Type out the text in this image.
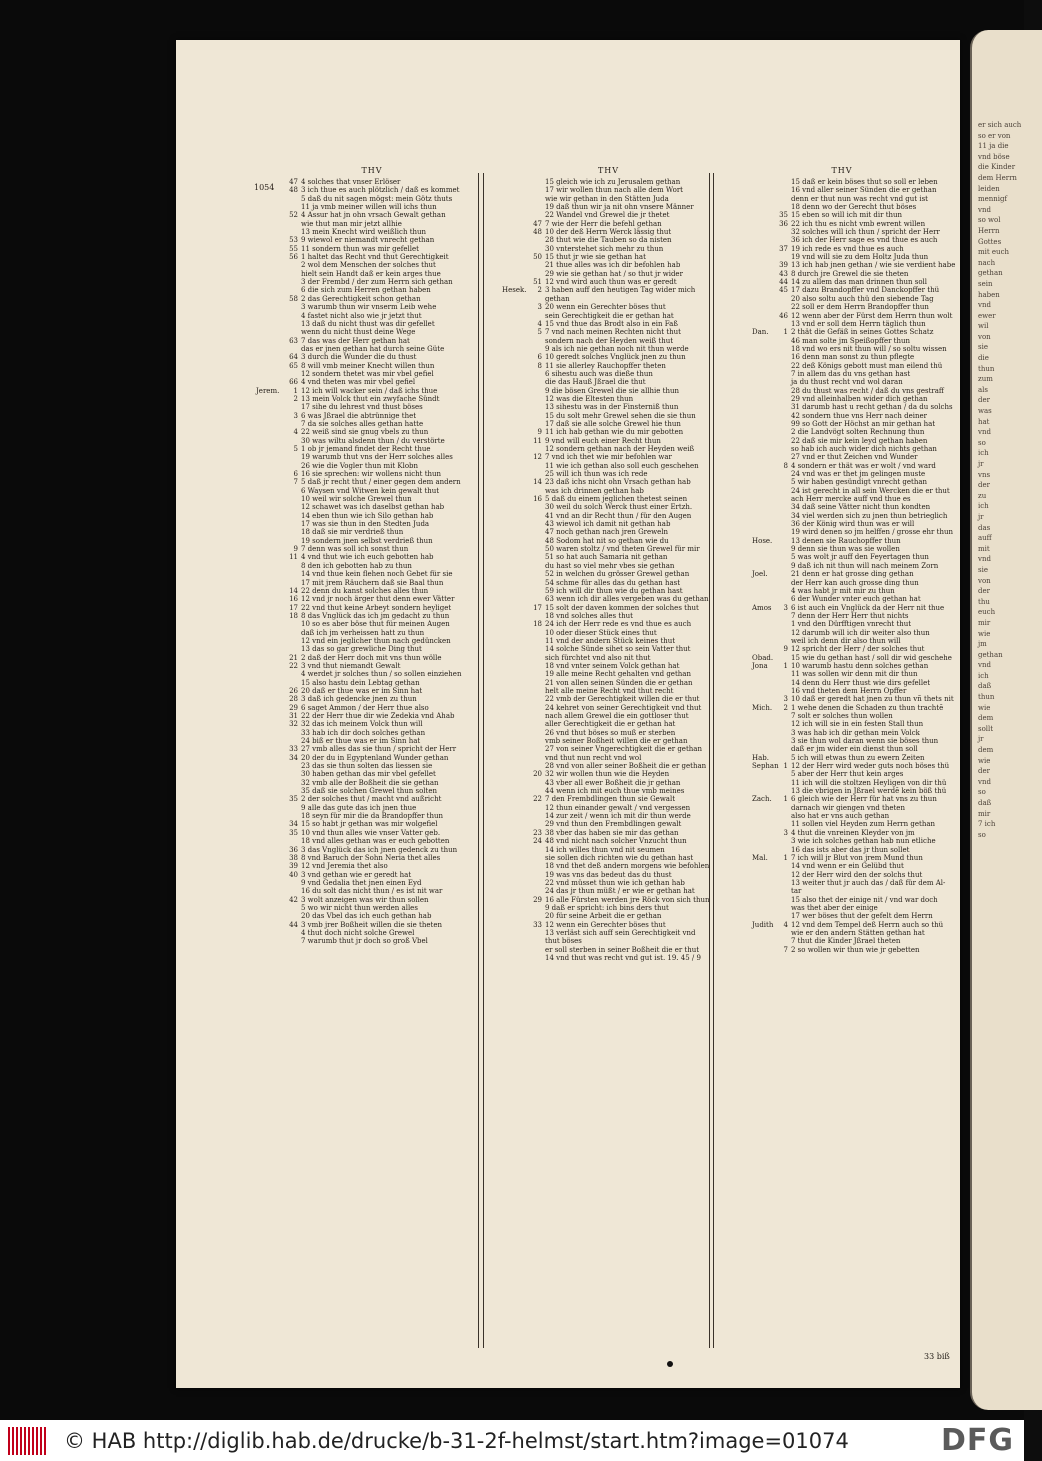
er sich auch
so er von
11 ja die
vnd böse
die Kinder
dem Herrn
leiden
mennigf
vnd
so wol
Herrn
Gottes
mit euch
nach
gethan
sein
haben
vnd
ewer
wil
von
sie
die
thun
zum
als
der
was
hat
vnd
so
ich
jr
vns
der
zu
ich
jr
das
auff
mit
vnd
sie
von
der
thu
euch
mir
wie
jm
gethan
vnd
ich
daß
thun
wie
dem
sollt
jr
dem
wie
der
vnd
so
daß
mir
7 ich
so
1054
THV
47 4 solches that vnser Erlöser
48 3 ich thue es auch plötzlich / daß es kommet
5 daß du nit sagen mögst: mein Götz thuts
11 ja vmb meiner willen will ichs thun
52 4 Assur hat jn ohn vrsach Gewalt gethan
wie thut man mir jetzt allhie
13 mein Knecht wird weißlich thun
53 9 wiewol er niemandt vnrecht gethan
55 11 sondern thun was mir gefellet
56 1 haltet das Recht vnd thut Gerechtigkeit
2 wol dem Menschen der solches thut
hielt sein Handt daß er kein arges thue
3 der Frembd / der zum Herrn sich gethan
6 die sich zum Herren gethan haben
58 2 das Gerechtigkeit schon gethan
3 warumb thun wir vnserm Leib wehe
4 fastet nicht also wie jr jetzt thut
13 daß du nicht thust was dir gefellet
wenn du nicht thust deine Wege
63 7 das was der Herr gethan hat
das er jnen gethan hat durch seine Güte
64 3 durch die Wunder die du thust
65 8 will vmb meiner Knecht willen thun
12 sondern thetet was mir vbel gefiel
66 4 vnd theten was mir vbel gefiel
Jerem.	1 12 ich will wacker sein / daß ichs thue
2 13 mein Volck thut ein zwyfache Sündt
17 sihe du lehrest vnd thust böses
3 6 was Jßrael die abtrünnige thet
7 da sie solches alles gethan hatte
4 22 weiß sind sie gnug vbels zu thun
30 was wiltu alsdenn thun / du verstörte
5 1 ob jr jemand findet der Recht thue
19 warumb thut vns der Herr solches alles
26 wie die Vogler thun mit Klobn
6 16 sie sprechen: wir wollens nicht thun
7 5 daß jr recht thut / einer gegen dem andern
6 Waysen vnd Witwen kein gewalt thut
10 weil wir solche Grewel thun
12 schawet was ich daselbst gethan hab
14 eben thun wie ich Silo gethan hab
17 was sie thun in den Stedten Juda
18 daß sie mir verdrieß thun
19 sondern jnen selbst verdrieß thun
9 7 denn was soll ich sonst thun
11 4 vnd thut wie ich euch gebotten hab
8 den ich gebotten hab zu thun
14 vnd thue kein flehen noch Gebet für sie
17 mit jrem Räuchern daß sie Baal thun
14 22 denn du kanst solches alles thun
16 12 vnd jr noch ärger thut denn ewer Vätter
17 22 vnd thut keine Arbeyt sondern heyliget
18 8 das Vnglück das ich jm gedacht zu thun
10 so es aber böse thut für meinen Augen
daß ich jm verheissen hatt zu thun
12 vnd ein jeglicher thun nach gedüncken
13 das so gar grewliche Ding thut
21 2 daß der Herr doch mit vns thun wölle
22 3 vnd thut niemandt Gewalt
4 werdet jr solches thun / so sollen einziehen
15 also hastu dein Lebtag gethan
26 20 daß er thue was er im Sinn hat
28 3 daß ich gedencke jnen zu thun
29 6 saget Ammon / der Herr thue also
31 22 der Herr thue dir wie Zedekia vnd Ahab
32 32 das ich meinem Volck thun will
33 hab ich dir doch solches gethan
24 biß er thue was er im Sinn hat
33 27 vmb alles das sie thun / spricht der Herr
34 20 der du in Egyptenland Wunder gethan
23 das sie thun solten das liessen sie
30 haben gethan das mir vbel gefellet
32 vmb alle der Boßheit die sie gethan
35 daß sie solchen Grewel thun solten
35 2 der solches thut / macht vnd außricht
9 alle das gute das ich jnen thue
18 seyn für mir die da Brandopffer thun
34 15 so habt jr gethan was mir wolgefiel
35 10 vnd thun alles wie vnser Vatter geb.
18 vnd alles gethan was er euch gebotten
36 3 das Vnglück das ich jnen gedenck zu thun
38 8 vnd Baruch der Sohn Neria thet alles
39 12 vnd Jeremia thet also
40 3 vnd gethan wie er geredt hat
9 vnd Gedalia thet jnen einen Eyd
16 du solt das nicht thun / es ist nit war
42 3 wolt anzeigen was wir thun sollen
5 wo wir nicht thun werden alles
20 das Vbel das ich euch gethan hab
44 3 vmb jrer Boßheit willen die sie theten
4 thut doch nicht solche Grewel
7 warumb thut jr doch so groß Vbel
THV
15 gleich wie ich zu Jerusalem gethan
17 wir wollen thun nach alle dem Wort
wie wir gethan in den Stätten Juda
19 daß thun wir ja nit ohn vnsere Männer
22 Wandel vnd Grewel die jr thetet
47 7 wie der Herr die befehl gethan
48 10 der deß Herrn Werck lässig thut
28 thut wie die Tauben so da nisten
30 vnterstehet sich mehr zu thun
50 15 thut jr wie sie gethan hat
21 thue alles was ich dir befohlen hab
29 wie sie gethan hat / so thut jr wider
51 12 vnd wird auch thun was er geredt
Hesek.	2 3 haben auff den heutigen Tag wider mich
gethan
3 20 wenn ein Gerechter böses thut
sein Gerechtigkeit die er gethan hat
4 15 vnd thue das Brodt also in ein Faß
5 7 vnd nach meinen Rechten nicht thut
sondern nach der Heyden weiß thut
9 als ich nie gethan noch nit thun werde
6 10 geredt solches Vnglück jnen zu thun
8 11 sie allerley Rauchopffer theten
6 sihestu auch was dieße thun
die das Hauß Jßrael die thut
9 die bösen Grewel die sie allhie thun
12 was die Eltesten thun
13 sihestu was in der Finsterniß thun
15 du solt mehr Grewel sehen die sie thun
17 daß sie alle solche Grewel hie thun
9 11 ich hab gethan wie du mir gebotten
11 9 vnd will euch einer Recht thun
12 sondern gethan nach der Heyden weiß
12 7 vnd ich thet wie mir befohlen war
11 wie ich gethan also soll euch geschehen
25 will ich thun was ich rede
14 23 daß ichs nicht ohn Vrsach gethan hab
was ich drinnen gethan hab
16 5 daß du einem jeglichen thetest seinen
30 weil du solch Werck thust einer Ertzh.
41 vnd an dir Recht thun / für den Augen
43 wiewol ich damit nit gethan hab
47 noch gethan nach jren Greweln
48 Sodom hat nit so gethan wie du
50 waren stoltz / vnd theten Grewel für mir
51 so hat auch Samaria nit gethan
du hast so viel mehr vbes sie gethan
52 in welchen du grösser Grewel gethan
54 schme für alles das du gethan hast
59 ich will dir thun wie du gethan hast
63 wenn ich dir alles vergeben was du gethan
17 15 solt der daven kommen der solches thut
18 vnd solches alles thut
18 24 ich der Herr rede es vnd thue es auch
10 oder dieser Stück eines thut
11 vnd der andern Stück keines thut
14 solche Sünde sihet so sein Vatter thut
sich fürchtet vnd also nit thut
18 vnd vnter seinem Volck gethan hat
19 alle meine Recht gehalten vnd gethan
21 von allen seinen Sünden die er gethan
helt alle meine Recht vnd thut recht
22 vmb der Gerechtigkeit willen die er thut
24 kehret von seiner Gerechtigkeit vnd thut
nach allem Grewel die ein gottloser thut
aller Gerechtigkeit die er gethan hat
26 vnd thut böses so muß er sterben
vmb seiner Boßheit willen die er gethan
27 von seiner Vngerechtigkeit die er gethan
vnd thut nun recht vnd wol
28 vnd von aller seiner Boßheit die er gethan
20 32 wir wollen thun wie die Heyden
43 vber all ewer Boßheit die jr gethan
44 wenn ich mit euch thue vmb meines
22 7 den Frembdlingen thun sie Gewalt
12 thun einander gewalt / vnd vergessen
14 zur zeit / wenn ich mit dir thun werde
29 vnd thun den Frembdlingen gewalt
23 38 vber das haben sie mir das gethan
24 48 vnd nicht nach solcher Vnzucht thun
14 ich willes thun vnd nit seumen
sie sollen dich richten wie du gethan hast
18 vnd thet deß andern morgens wie befohlen
19 was vns das bedeut das du thust
22 vnd müsset thun wie ich gethan hab
24 das jr thun müßt / er wie er gethan hat
29 16 alle Fürsten werden jre Röck von sich thun
9 daß er spricht: ich bins ders thut
20 für seine Arbeit die er gethan
33 12 wenn ein Gerechter böses thut
13 verläst sich auff sein Gerechtigkeit vnd
thut böses
er soll sterben in seiner Boßheit die er thut
14 vnd thut was recht vnd gut ist. 19. 45 / 9
THV
15 daß er kein böses thut so soll er leben
16 vnd aller seiner Sünden die er gethan
denn er thut nun was recht vnd gut ist
18 denn wo der Gerecht thut böses
35 15 eben so will ich mit dir thun
36 22 ich thu es nicht vmb ewrent willen
32 solches will ich thun / spricht der Herr
36 ich der Herr sage es vnd thue es auch
37 19 ich rede es vnd thue es auch
19 vnd will sie zu dem Holtz Juda thun
39 13 ich hab jnen gethan / wie sie verdient habe
43 8 durch jre Grewel die sie theten
44 14 zu allem das man drinnen thun soll
45 17 dazu Brandopffer vnd Danckopffer thü
20 also soltu auch thü den siebende Tag
22 soll er dem Herrn Brandopffer thun
46 12 wenn aber der Fürst dem Herrn thun wolt
13 vnd er soll dem Herrn täglich thun
Dan.	1 2 thät die Gefäß in seines Gottes Schatz
46 man solte jm Speißopffer thun
18 vnd wo ers nit thun will / so soltu wissen
16 denn man sonst zu thun pflegte
22 deß Königs gebott must man eilend thü
7 in allem das du vns gethan hast
ja du thust recht vnd wol daran
28 du thust was recht / daß du vns gestraff
29 vnd alleinhalben wider dich gethan
31 darumb hast u recht gethan / da du solchs
42 sondern thue vns Herr nach deiner
99 so Gott der Höchst an mir gethan hat
2 die Landvögt solten Rechnung thun
22 daß sie mir kein leyd gethan haben
so hab ich auch wider dich nichts gethan
27 vnd er thut Zeichen vnd Wunder
8 4 sondern er thät was er wolt / vnd ward
24 vnd was er thet jm gelingen muste
5 wir haben gesündigt vnrecht gethan
24 ist gerecht in all sein Wercken die er thut
ach Herr mercke auff vnd thue es
34 daß seine Vätter nicht thun kondten
34 viel werden sich zu jnen thun betrieglich
36 der König wird thun was er will
19 wird denen so jm helffen / grosse ehr thun
Hose.	13 denen sie Rauchopffer thun
9 denn sie thun was sie wollen
5 was wolt jr auff den Feyertagen thun
9 daß ich nit thun will nach meinem Zorn
Joel.	21 denn er hat grosse ding gethan
der Herr kan auch grosse ding thun
4 was habt jr mit mir zu thun
6 der Wunder vnter euch gethan hat
Amos	3 6 ist auch ein Vnglück da der Herr nit thue
7 denn der Herr Herr thut nichts
1 vnd den Dürfftigen vnrecht thut
12 darumb will ich dir weiter also thun
weil ich denn dir also thun will
9 12 spricht der Herr / der solches thut
Obad.	15 wie du gethan hast / soll dir wid geschehe
Jona	1 10 warumb hastu denn solches gethan
11 was sollen wir denn mit dir thun
14 denn du Herr thust wie dirs gefellet
16 vnd theten dem Herrn Opffer
3 10 daß er geredt hat jnen zu thun vñ thets nit
Mich.	2 1 wehe denen die Schaden zu thun trachtē
7 solt er solches thun wollen
12 ich will sie in ein festen Stall thun
3 was hab ich dir gethan mein Volck
3 sie thun wol daran wenn sie böses thun
daß er jm wider ein dienst thun soll
Hab.	5 ich will etwas thun zu ewern Zeiten
Sephan 1 12 der Herr wird weder guts noch böses thü
5 aber der Herr thut kein arges
11 ich will die stoltzen Heyligen von dir thü
13 die vbrigen in Jßrael werdē kein böß thü
Zach.	1 6 gleich wie der Herr für hat vns zu thun
darnach wir giengen vnd theten
also hat er vns auch gethan
11 sollen viel Heyden zum Herrn gethan
3 4 thut die vnreinen Kleyder von jm
3 wie ich solches gethan hab nun etliche
16 das ists aber das jr thun sollet
Mal.	1 7 ich will jr Blut von jrem Mund thun
14 vnd wenn er ein Gelübd thut
12 der Herr wird den der solchs thut
13 weiter thut jr auch das / daß für dem Al-
tar
15 also thet der einige nit / vnd war doch
was thet aber der einige
17 wer böses thut der gefelt dem Herrn
Judith	4 12 vnd dem Tempel deß Herrn auch so thü
wie er den andern Stätten gethan hat
7 thut die Kinder Jßrael theten
7 2 so wollen wir thun wie jr gebetten
33 biß
© HAB http://diglib.hab.de/drucke/b-31-2f-helmst/start.htm?image=01074	DFG
